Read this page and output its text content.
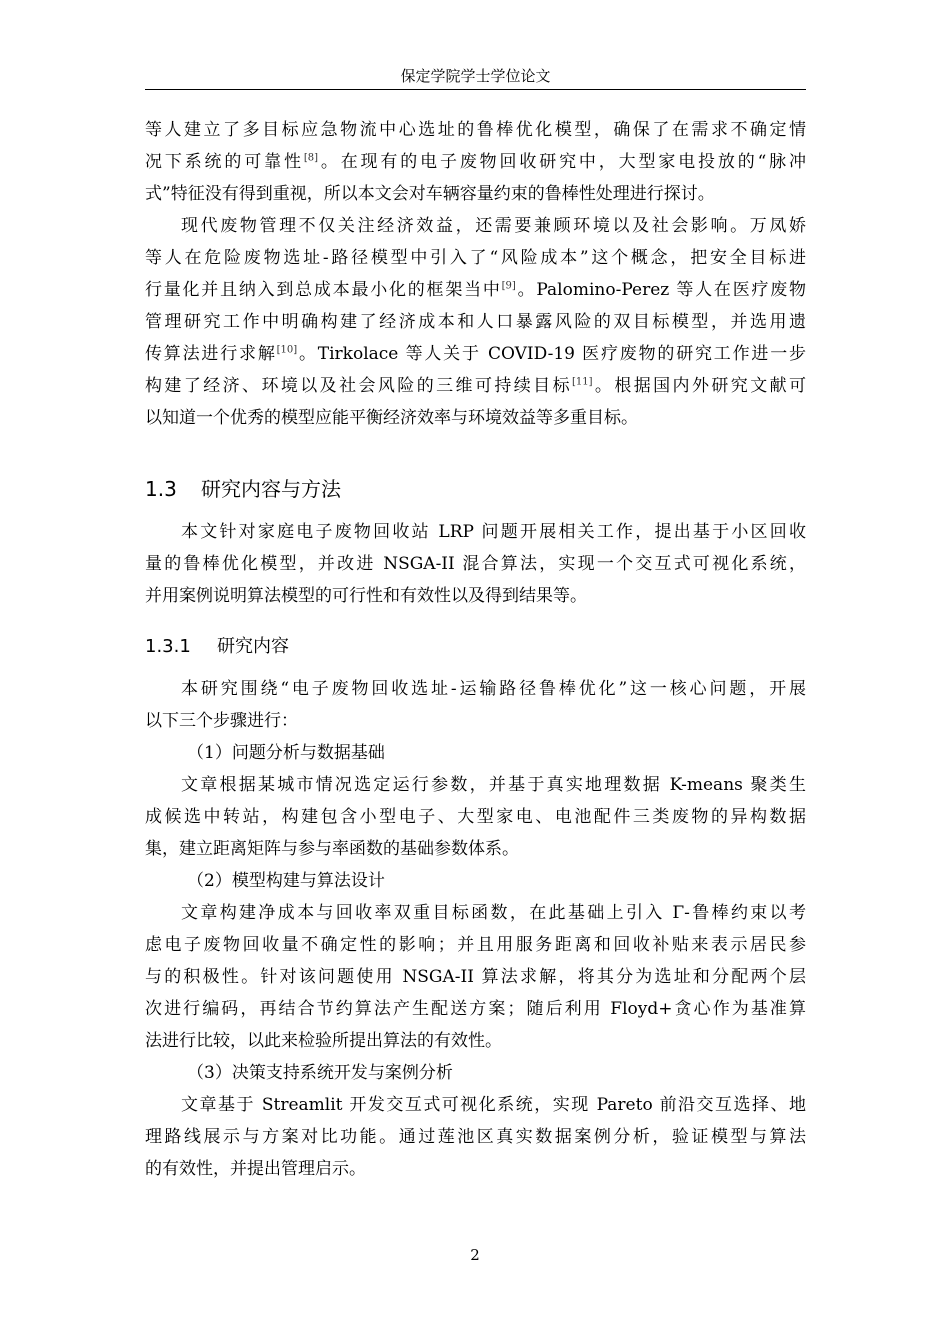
保定学院学士学位论文
等人建立了多目标应急物流中心选址的鲁棒优化模型，确保了在需求不确定情
况下系统的可靠性[8]。在现有的电子废物回收研究中，大型家电投放的“脉冲
式”特征没有得到重视，所以本文会对车辆容量约束的鲁棒性处理进行探讨。
现代废物管理不仅关注经济效益，还需要兼顾环境以及社会影响。万凤娇
等人在危险废物选址-路径模型中引入了“风险成本”这个概念，把安全目标进
行量化并且纳入到总成本最小化的框架当中[9]。Palomino-Perez 等人在医疗废物
管理研究工作中明确构建了经济成本和人口暴露风险的双目标模型，并选用遗
传算法进行求解[10]。Tirkolace 等人关于 COVID-19 医疗废物的研究工作进一步
构建了经济、环境以及社会风险的三维可持续目标[11]。根据国内外研究文献可
以知道一个优秀的模型应能平衡经济效率与环境效益等多重目标。
1.3 研究内容与方法
本文针对家庭电子废物回收站 LRP 问题开展相关工作，提出基于小区回收
量的鲁棒优化模型，并改进 NSGA-II 混合算法，实现一个交互式可视化系统，
并用案例说明算法模型的可行性和有效性以及得到结果等。
1.3.1 研究内容
本研究围绕“电子废物回收选址-运输路径鲁棒优化”这一核心问题，开展
以下三个步骤进行：
（1）问题分析与数据基础
文章根据某城市情况选定运行参数，并基于真实地理数据 K-means 聚类生
成候选中转站，构建包含小型电子、大型家电、电池配件三类废物的异构数据
集，建立距离矩阵与参与率函数的基础参数体系。
（2）模型构建与算法设计
文章构建净成本与回收率双重目标函数，在此基础上引入 Γ-鲁棒约束以考
虑电子废物回收量不确定性的影响；并且用服务距离和回收补贴来表示居民参
与的积极性。针对该问题使用 NSGA-II 算法求解，将其分为选址和分配两个层
次进行编码，再结合节约算法产生配送方案；随后利用 Floyd+贪心作为基准算
法进行比较，以此来检验所提出算法的有效性。
（3）决策支持系统开发与案例分析
文章基于 Streamlit 开发交互式可视化系统，实现 Pareto 前沿交互选择、地
理路线展示与方案对比功能。通过莲池区真实数据案例分析，验证模型与算法
的有效性，并提出管理启示。
2
